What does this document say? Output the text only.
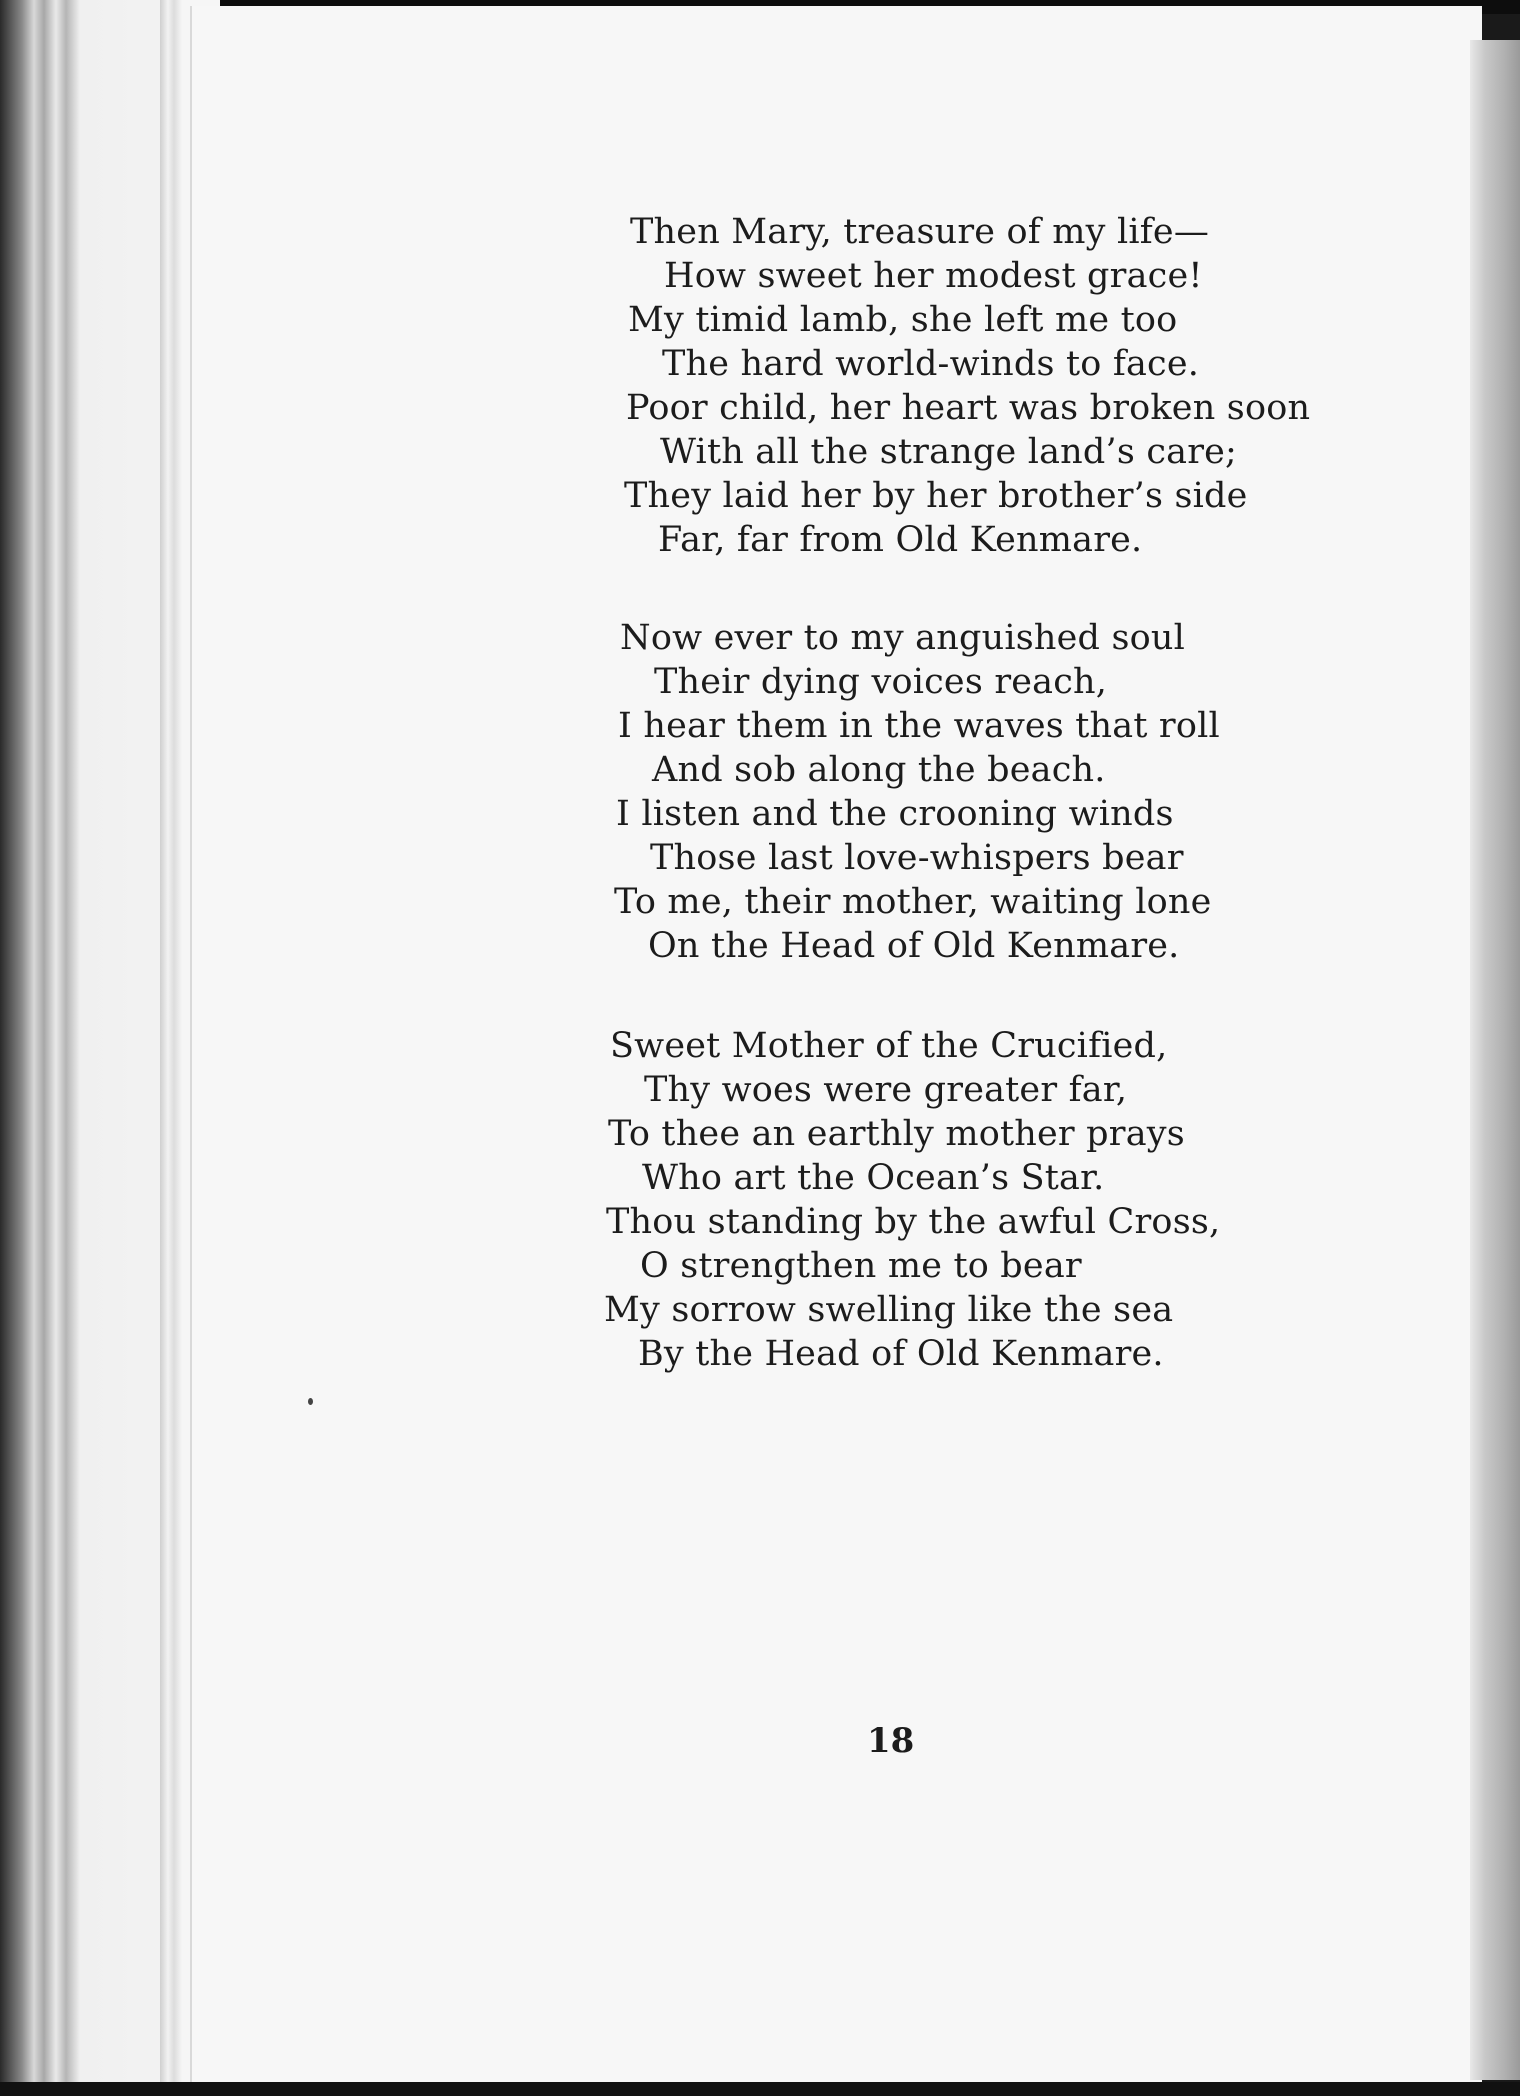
Then Mary, treasure of my life—
How sweet her modest grace!
My timid lamb, she left me too
The hard world-winds to face.
Poor child, her heart was broken soon
With all the strange land’s care;
They laid her by her brother’s side
Far, far from Old Kenmare.
Now ever to my anguished soul
Their dying voices reach,
I hear them in the waves that roll
And sob along the beach.
I listen and the crooning winds
Those last love-whispers bear
To me, their mother, waiting lone
On the Head of Old Kenmare.
Sweet Mother of the Crucified,
Thy woes were greater far,
To thee an earthly mother prays
Who art the Ocean’s Star.
Thou standing by the awful Cross,
O strengthen me to bear
My sorrow swelling like the sea
By the Head of Old Kenmare.
18
